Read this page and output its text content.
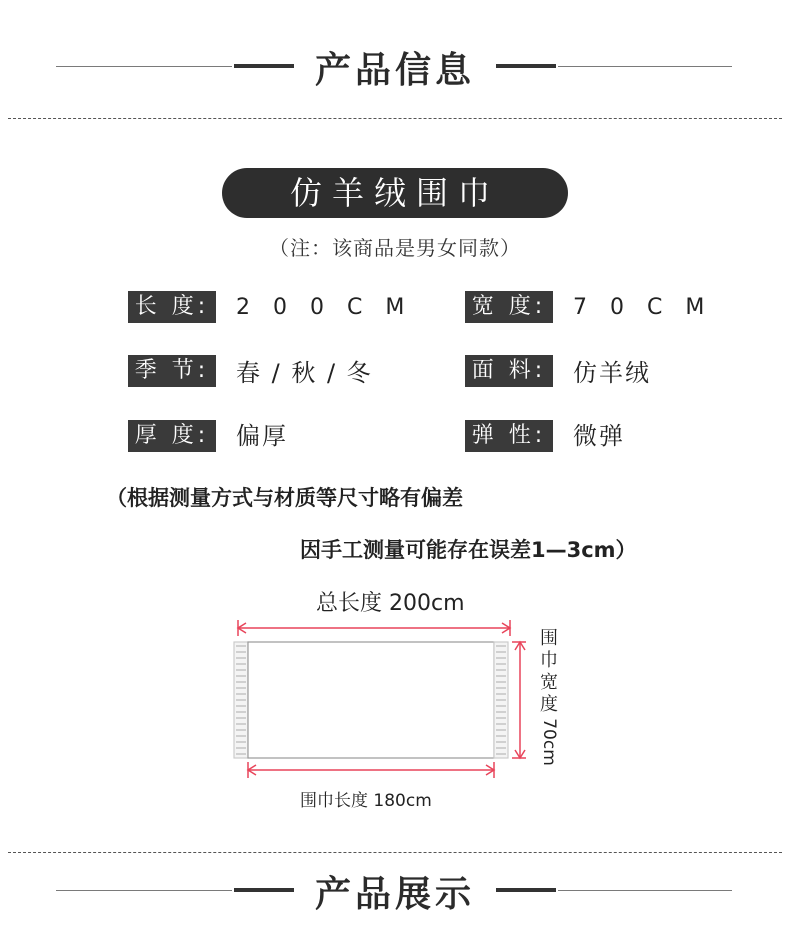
产品信息
仿羊绒围巾
（注：该商品是男女同款）
长 度:	2 0 0 C M	宽 度:	7 0 C M
季 节: 春 / 秋 / 冬	面 料: 仿羊绒
厚 度: 偏厚	弹 性: 微弹
（根据测量方式与材质等尺寸略有偏差
因手工测量可能存在误差1—3cm）
总长度 200cm
围巾长度 180cm
围
巾
宽
度
70cm
产品展示
